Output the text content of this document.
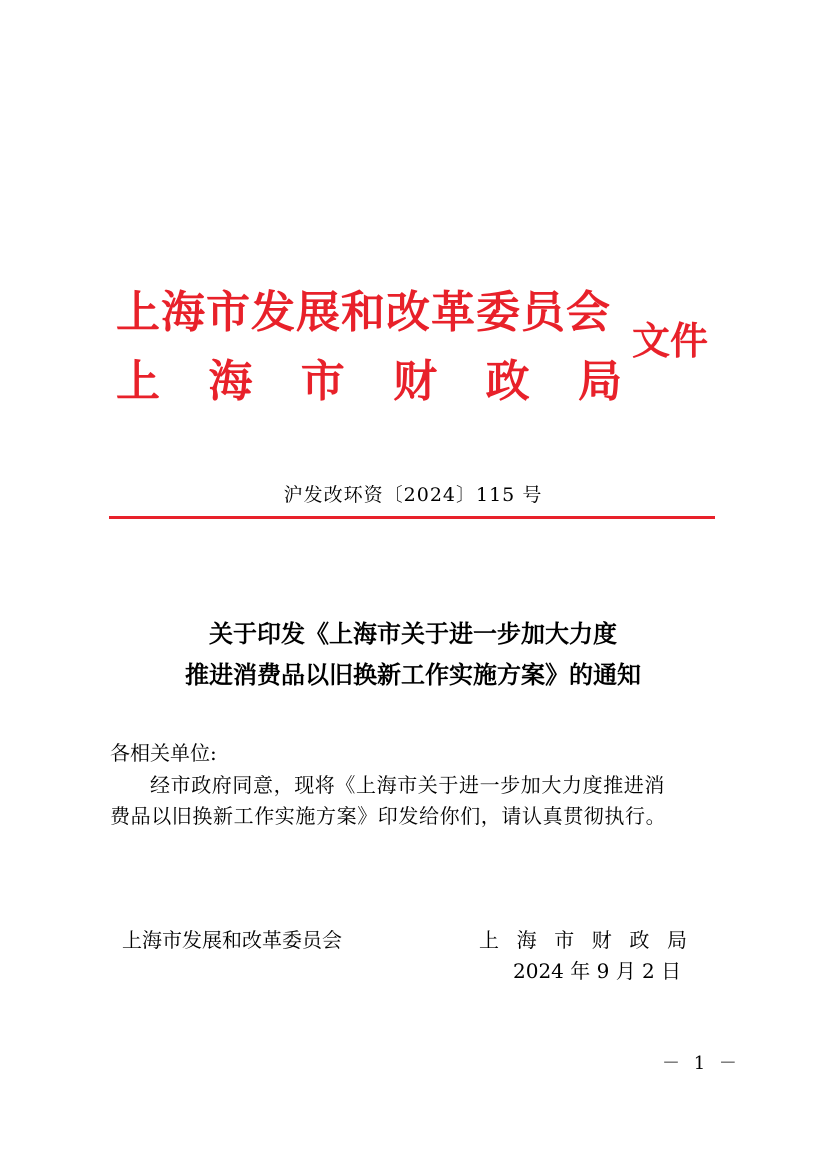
上海市发展和改革委员会
上 海 市 财 政 局
文件
沪发改环资〔2024〕115 号
关于印发《上海市关于进一步加大力度
推进消费品以旧换新工作实施方案》的通知
各相关单位:
经市政府同意，现将《上海市关于进一步加大力度推进消
费品以旧换新工作实施方案》印发给你们，请认真贯彻执行。
上海市发展和改革委员会	上 海 市 财 政 局
2024 年 9 月 2 日
－ 1 －
